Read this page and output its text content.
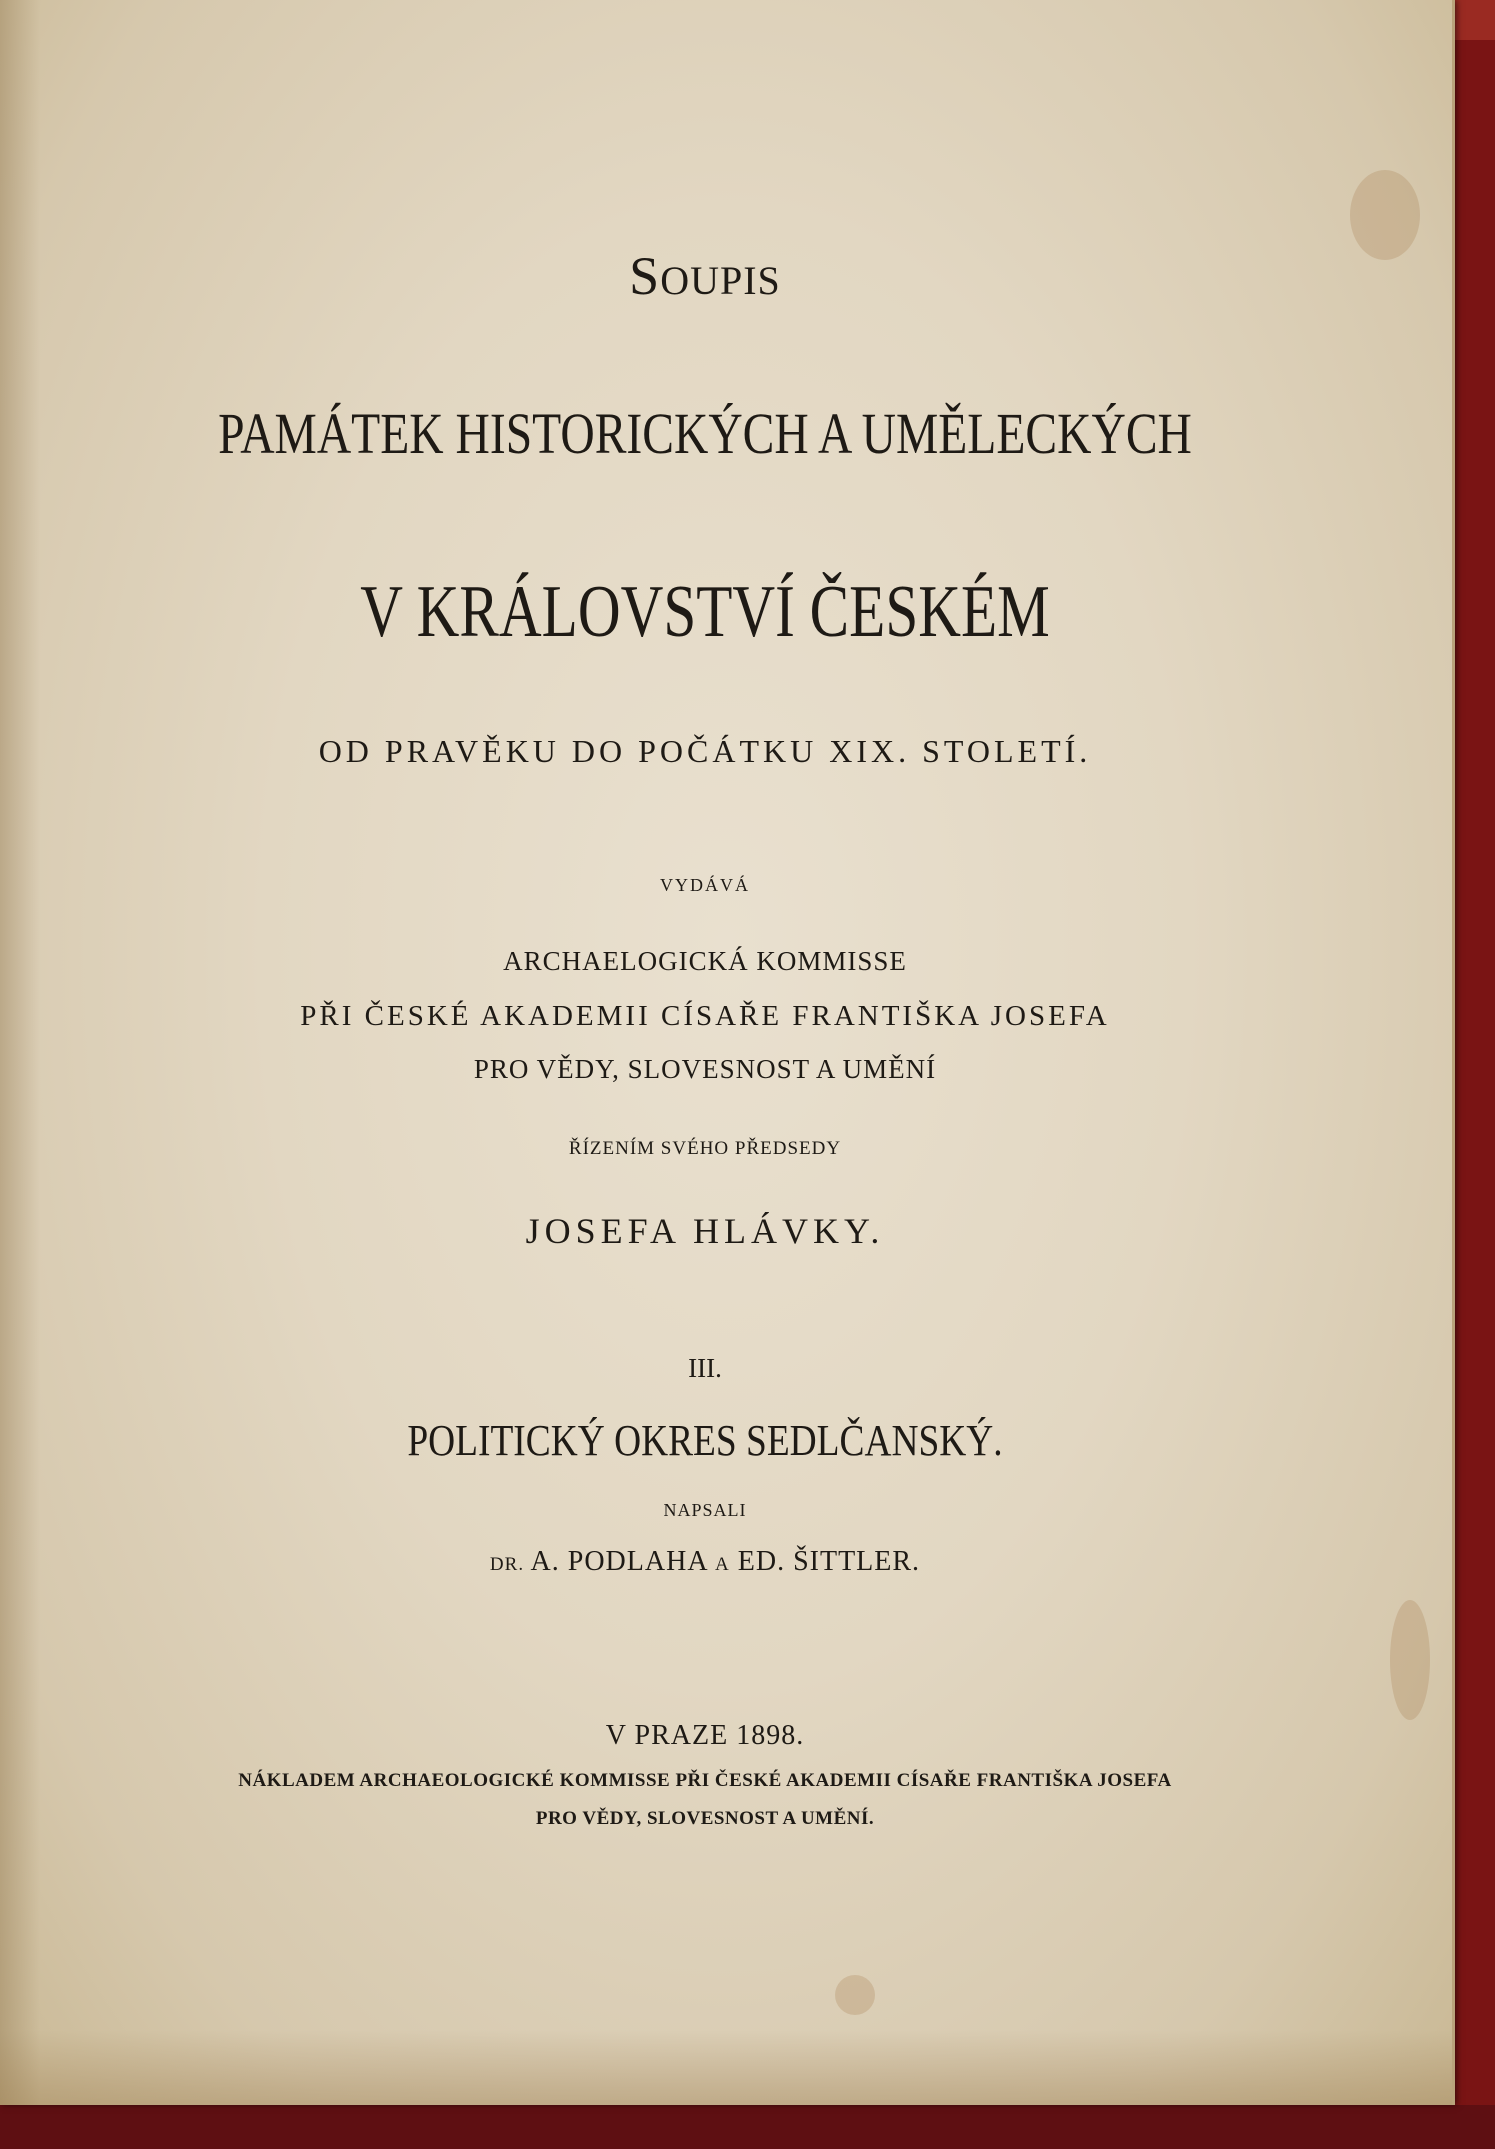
SOUPIS
PAMÁTEK HISTORICKÝCH A UMĚLECKÝCH
V KRÁLOVSTVÍ ČESKÉM
OD PRAVĚKU DO POČÁTKU XIX. STOLETÍ.
VYDÁVÁ
ARCHAELOGICKÁ KOMMISSE
PŘI ČESKÉ AKADEMII CÍSAŘE FRANTIŠKA JOSEFA
PRO VĚDY, SLOVESNOST A UMĚNÍ
ŘÍZENÍM SVÉHO PŘEDSEDY
JOSEFA HLÁVKY.
III.
POLITICKÝ OKRES SEDLČANSKÝ.
NAPSALI
DR. A. PODLAHA A ED. ŠITTLER.
V PRAZE 1898.
NÁKLADEM ARCHAEOLOGICKÉ KOMMISSE PŘI ČESKÉ AKADEMII CÍSAŘE FRANTIŠKA JOSEFA
PRO VĚDY, SLOVESNOST A UMĚNÍ.
